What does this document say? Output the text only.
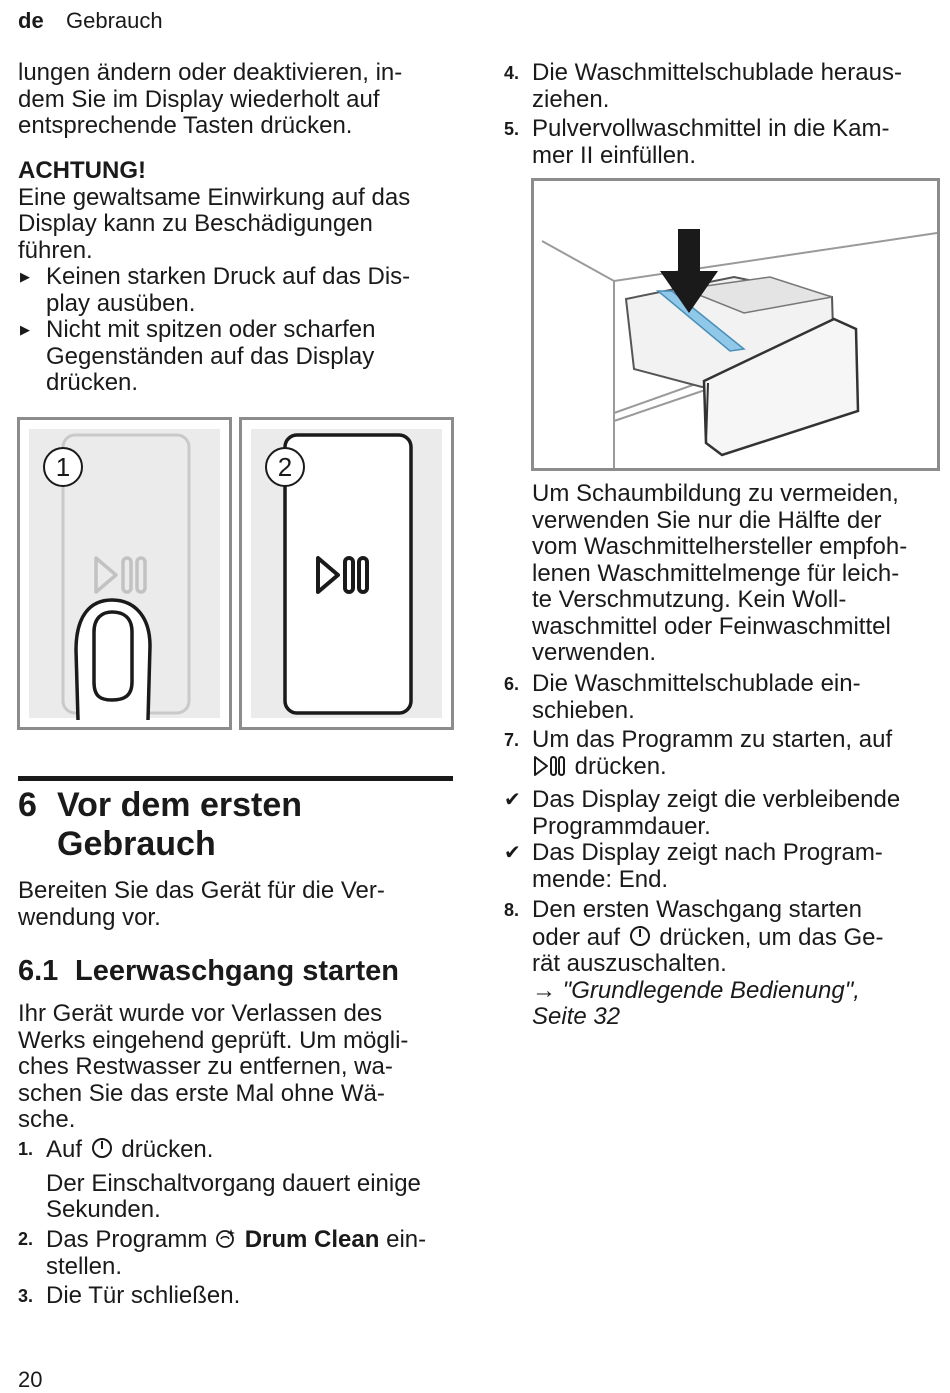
de Gebrauch
lungen ändern oder deaktivieren, in-
dem Sie im Display wiederholt auf
entsprechende Tasten drücken.
ACHTUNG!
Eine gewaltsame Einwirkung auf das
Display kann zu Beschädigungen
führen.
▶ Keinen starken Druck auf das Dis-
play ausüben.
▶ Nicht mit spitzen oder scharfen
Gegenständen auf das Display
drücken.
1	2
6 Vor dem ersten
Gebrauch
Bereiten Sie das Gerät für die Ver-
wendung vor.
6.1 Leerwaschgang starten
Ihr Gerät wurde vor Verlassen des
Werks eingehend geprüft. Um mögli-
ches Restwasser zu entfernen, wa-
schen Sie das erste Mal ohne Wä-
sche.
1. Auf drücken.
Der Einschaltvorgang dauert einige
Sekunden.
2. Das Programm Drum Clean ein-
stellen.
3. Die Tür schließen.
4. Die Waschmittelschublade heraus-
ziehen.
5. Pulvervollwaschmittel in die Kam-
mer II einfüllen.
Um Schaumbildung zu vermeiden,
verwenden Sie nur die Hälfte der
vom Waschmittelhersteller empfoh-
lenen Waschmittelmenge für leich-
te Verschmutzung. Kein Woll-
waschmittel oder Feinwaschmittel
verwenden.
6. Die Waschmittelschublade ein-
schieben.
7. Um das Programm zu starten, auf
drücken.
✔ Das Display zeigt die verbleibende
Programmdauer.
✔ Das Display zeigt nach Program-
mende: End.
8. Den ersten Waschgang starten
oder auf drücken, um das Ge-
rät auszuschalten.
→ "Grundlegende Bedienung",
Seite 32
20
